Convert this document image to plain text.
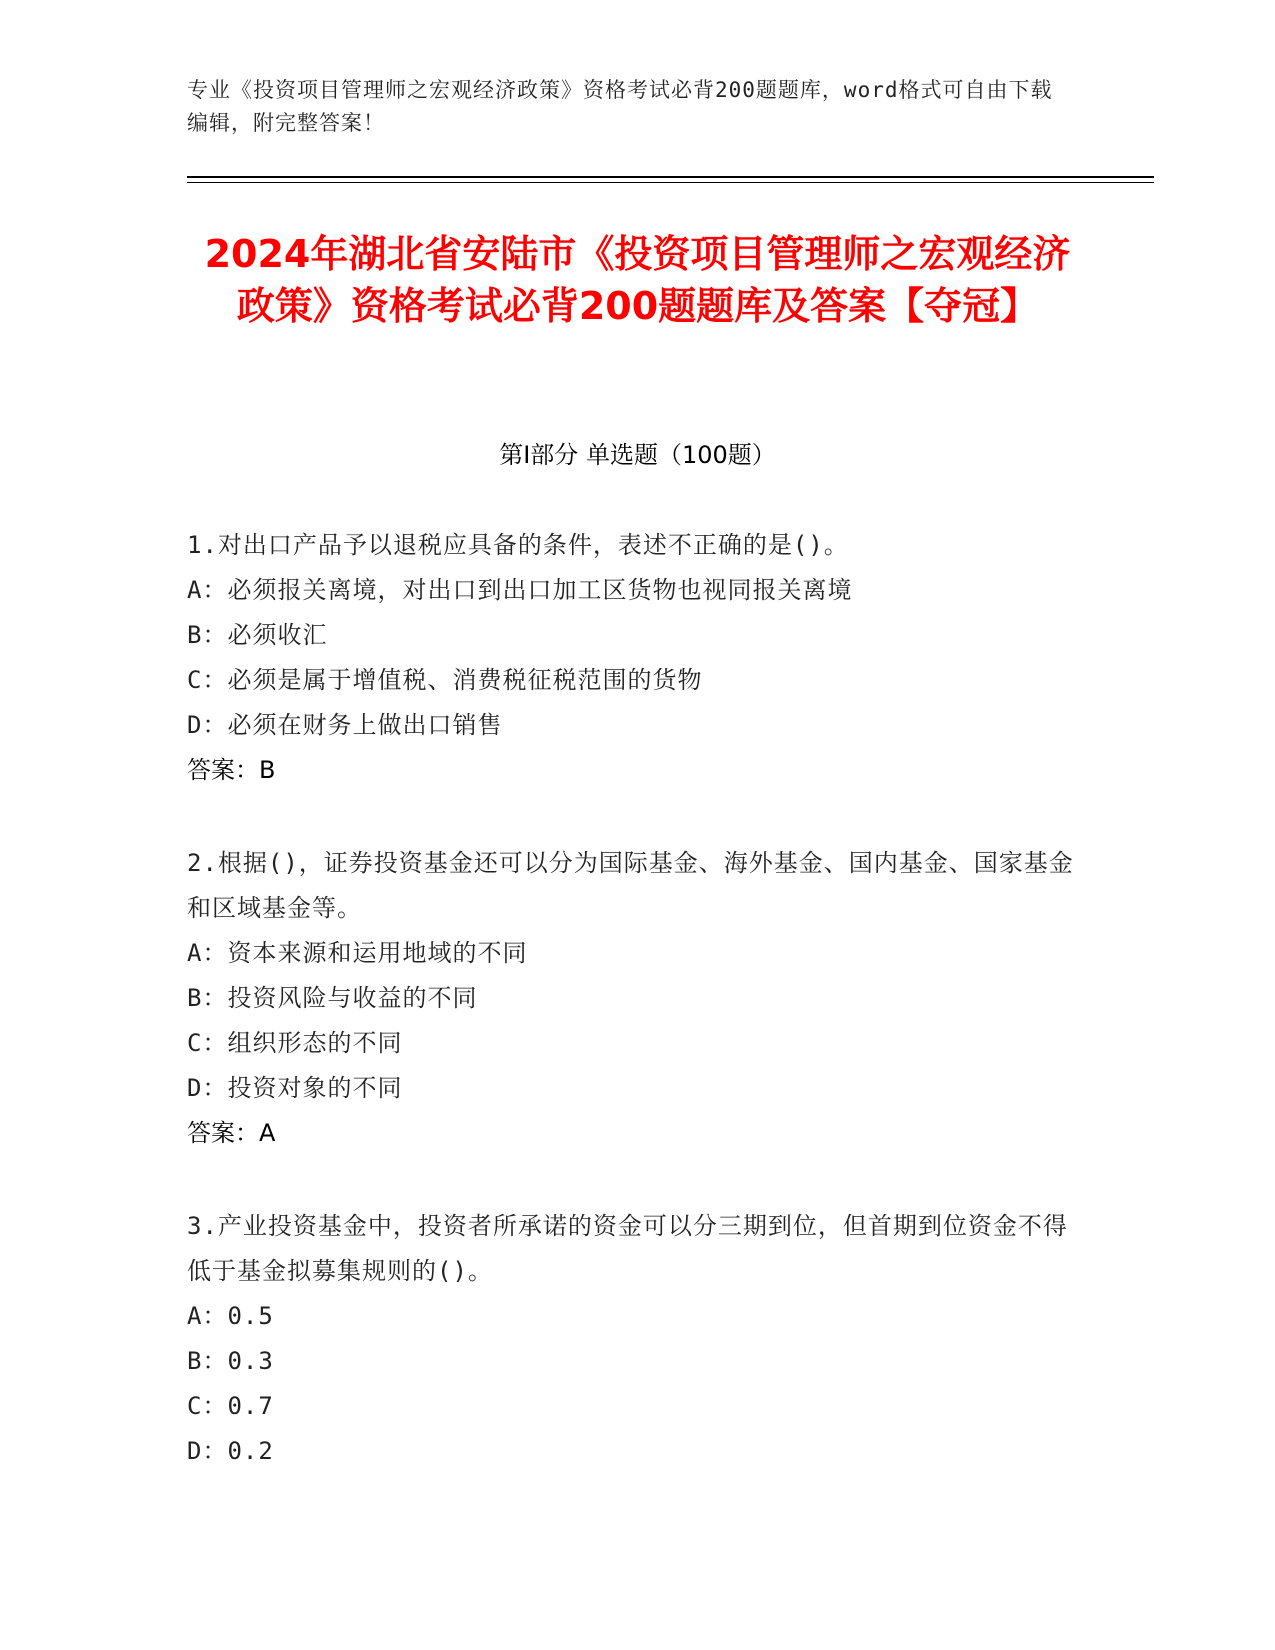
专业《投资项目管理师之宏观经济政策》资格考试必背200题题库，word格式可自由下载编辑，附完整答案！
2024年湖北省安陆市《投资项目管理师之宏观经济政策》资格考试必背200题题库及答案【夺冠】
第I部分 单选题（100题）
1.对出口产品予以退税应具备的条件，表述不正确的是()。
A：必须报关离境，对出口到出口加工区货物也视同报关离境
B：必须收汇
C：必须是属于增值税、消费税征税范围的货物
D：必须在财务上做出口销售
答案：B
2.根据()，证券投资基金还可以分为国际基金、海外基金、国内基金、国家基金和区域基金等。
A：资本来源和运用地域的不同
B：投资风险与收益的不同
C：组织形态的不同
D：投资对象的不同
答案：A
3.产业投资基金中，投资者所承诺的资金可以分三期到位，但首期到位资金不得低于基金拟募集规则的()。
A：0.5
B：0.3
C：0.7
D：0.2
